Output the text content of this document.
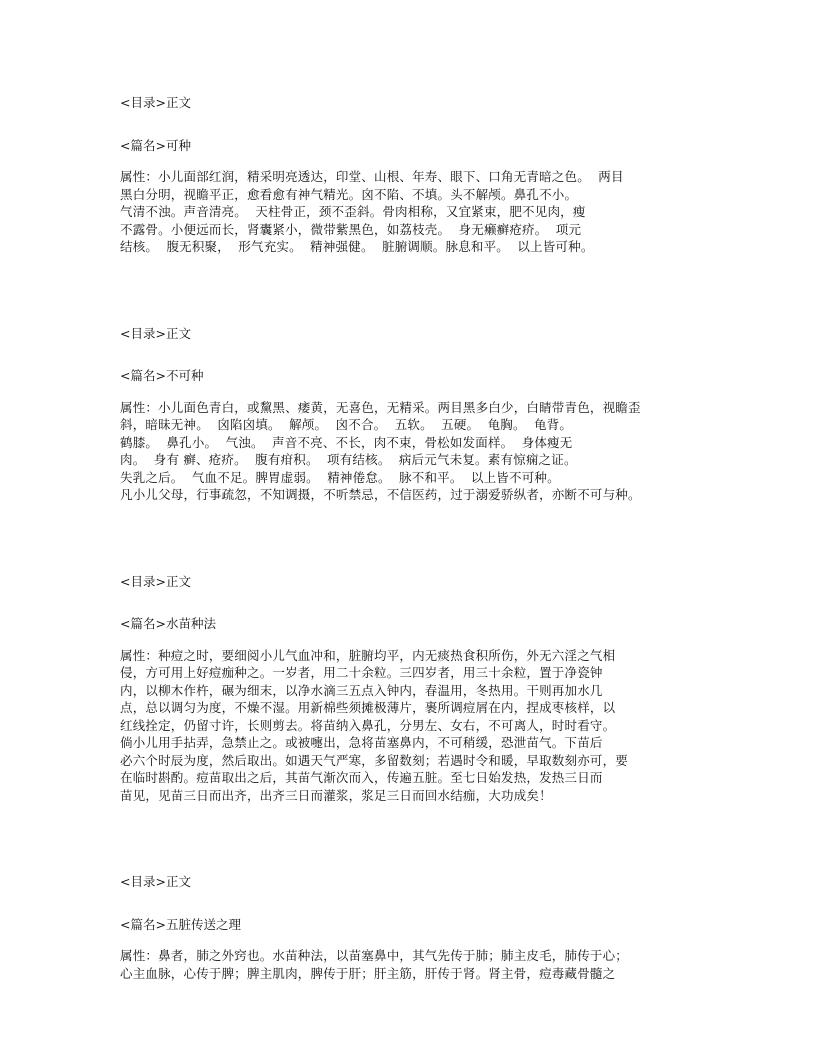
<目录>正文
<篇名>可种
属性：小儿面部红润，精采明亮透达，印堂、山根、年寿、眼下、口角无青暗之色。  两目
黑白分明，视瞻平正，愈看愈有神气精光。囟不陷、不填。头不解颅。鼻孔不小。
气清不浊。声音清亮。  天柱骨正，颈不歪斜。骨肉相称，又宜紧束，肥不见肉，瘦
不露骨。小便远而长，肾囊紧小，微带紫黑色，如荔枝壳。  身无癞癣疮疥。  项元
结核。  腹无积聚，  形气充实。  精神强健。  脏腑调顺。脉息和平。  以上皆可种。
<目录>正文
<篇名>不可种
属性：小儿面色青白，或黧黑、痿黄，无喜色，无精采。两目黑多白少，白睛带青色，视瞻歪
斜，暗昧无神。  囟陷囟填。  解颅。  囟不合。  五软。  五硬。  龟胸。  龟背。
鹤膝。  鼻孔小。  气浊。  声音不亮、不长，肉不束，骨松如发面样。  身体瘦无
肉。  身有 癣、疮疥。  腹有疳积。  项有结核。  病后元气未复。素有惊痫之证。
失乳之后。  气血不足。脾胃虚弱。  精神倦怠。  脉不和平。  以上皆不可种。
凡小儿父母，行事疏忽，不知调摄，不听禁忌，不信医药，过于溺爱骄纵者，亦断不可与种。
<目录>正文
<篇名>水苗种法
属性：种痘之时，要细阅小儿气血冲和，脏腑均平，内无痰热食积所伤，外无六淫之气相
侵，方可用上好痘痂种之。一岁者，用二十余粒。三四岁者，用三十余粒，置于净瓷钟
内，以柳木作杵，碾为细末，以净水滴三五点入钟内，春温用，冬热用。干则再加水几
点，总以调匀为度，不燥不湿。用新棉些须摊极薄片，裹所调痘屑在内，捏成枣核样，以
红线拴定，仍留寸许，长则剪去。将苗纳入鼻孔，分男左、女右，不可离人，时时看守。
倘小儿用手拈弄，急禁止之。或被嚏出，急将苗塞鼻内，不可稍缓，恐泄苗气。下苗后
必六个时辰为度，然后取出。如遇天气严寒，多留数刻；若遇时令和暖，早取数刻亦可，要
在临时斟酌。痘苗取出之后，其苗气渐次而入，传遍五脏。至七日始发热，发热三日而
苗见，见苗三日而出齐，出齐三日而灌浆，浆足三日而回水结痂，大功成矣！
<目录>正文
<篇名>五脏传送之理
属性：鼻者，肺之外窍也。水苗种法，以苗塞鼻中，其气先传于肺；肺主皮毛，肺传于心；
心主血脉，心传于脾；脾主肌肉，脾传于肝；肝主筋，肝传于肾。肾主骨，痘毒藏骨髓之
